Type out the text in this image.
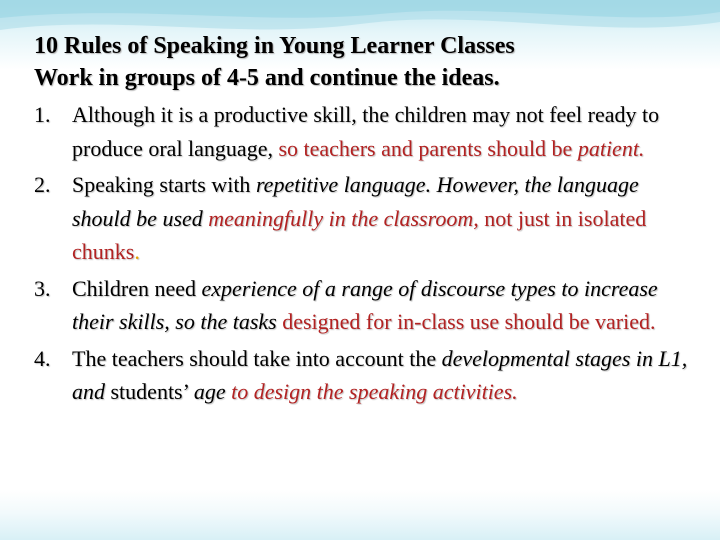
10 Rules of Speaking in Young Learner Classes
Work in groups of 4-5 and continue the ideas.

1. Although it is a productive skill, the children may not feel ready to produce oral language, so teachers and parents should be patient.
2. Speaking starts with repetitive language. However, the language should be used meaningfully in the classroom, not just in isolated chunks.
3. Children need experience of a range of discourse types to increase their skills, so the tasks designed for in-class use should be varied.
4. The teachers should take into account the developmental stages in L1, and students’ age to design the speaking activities.
